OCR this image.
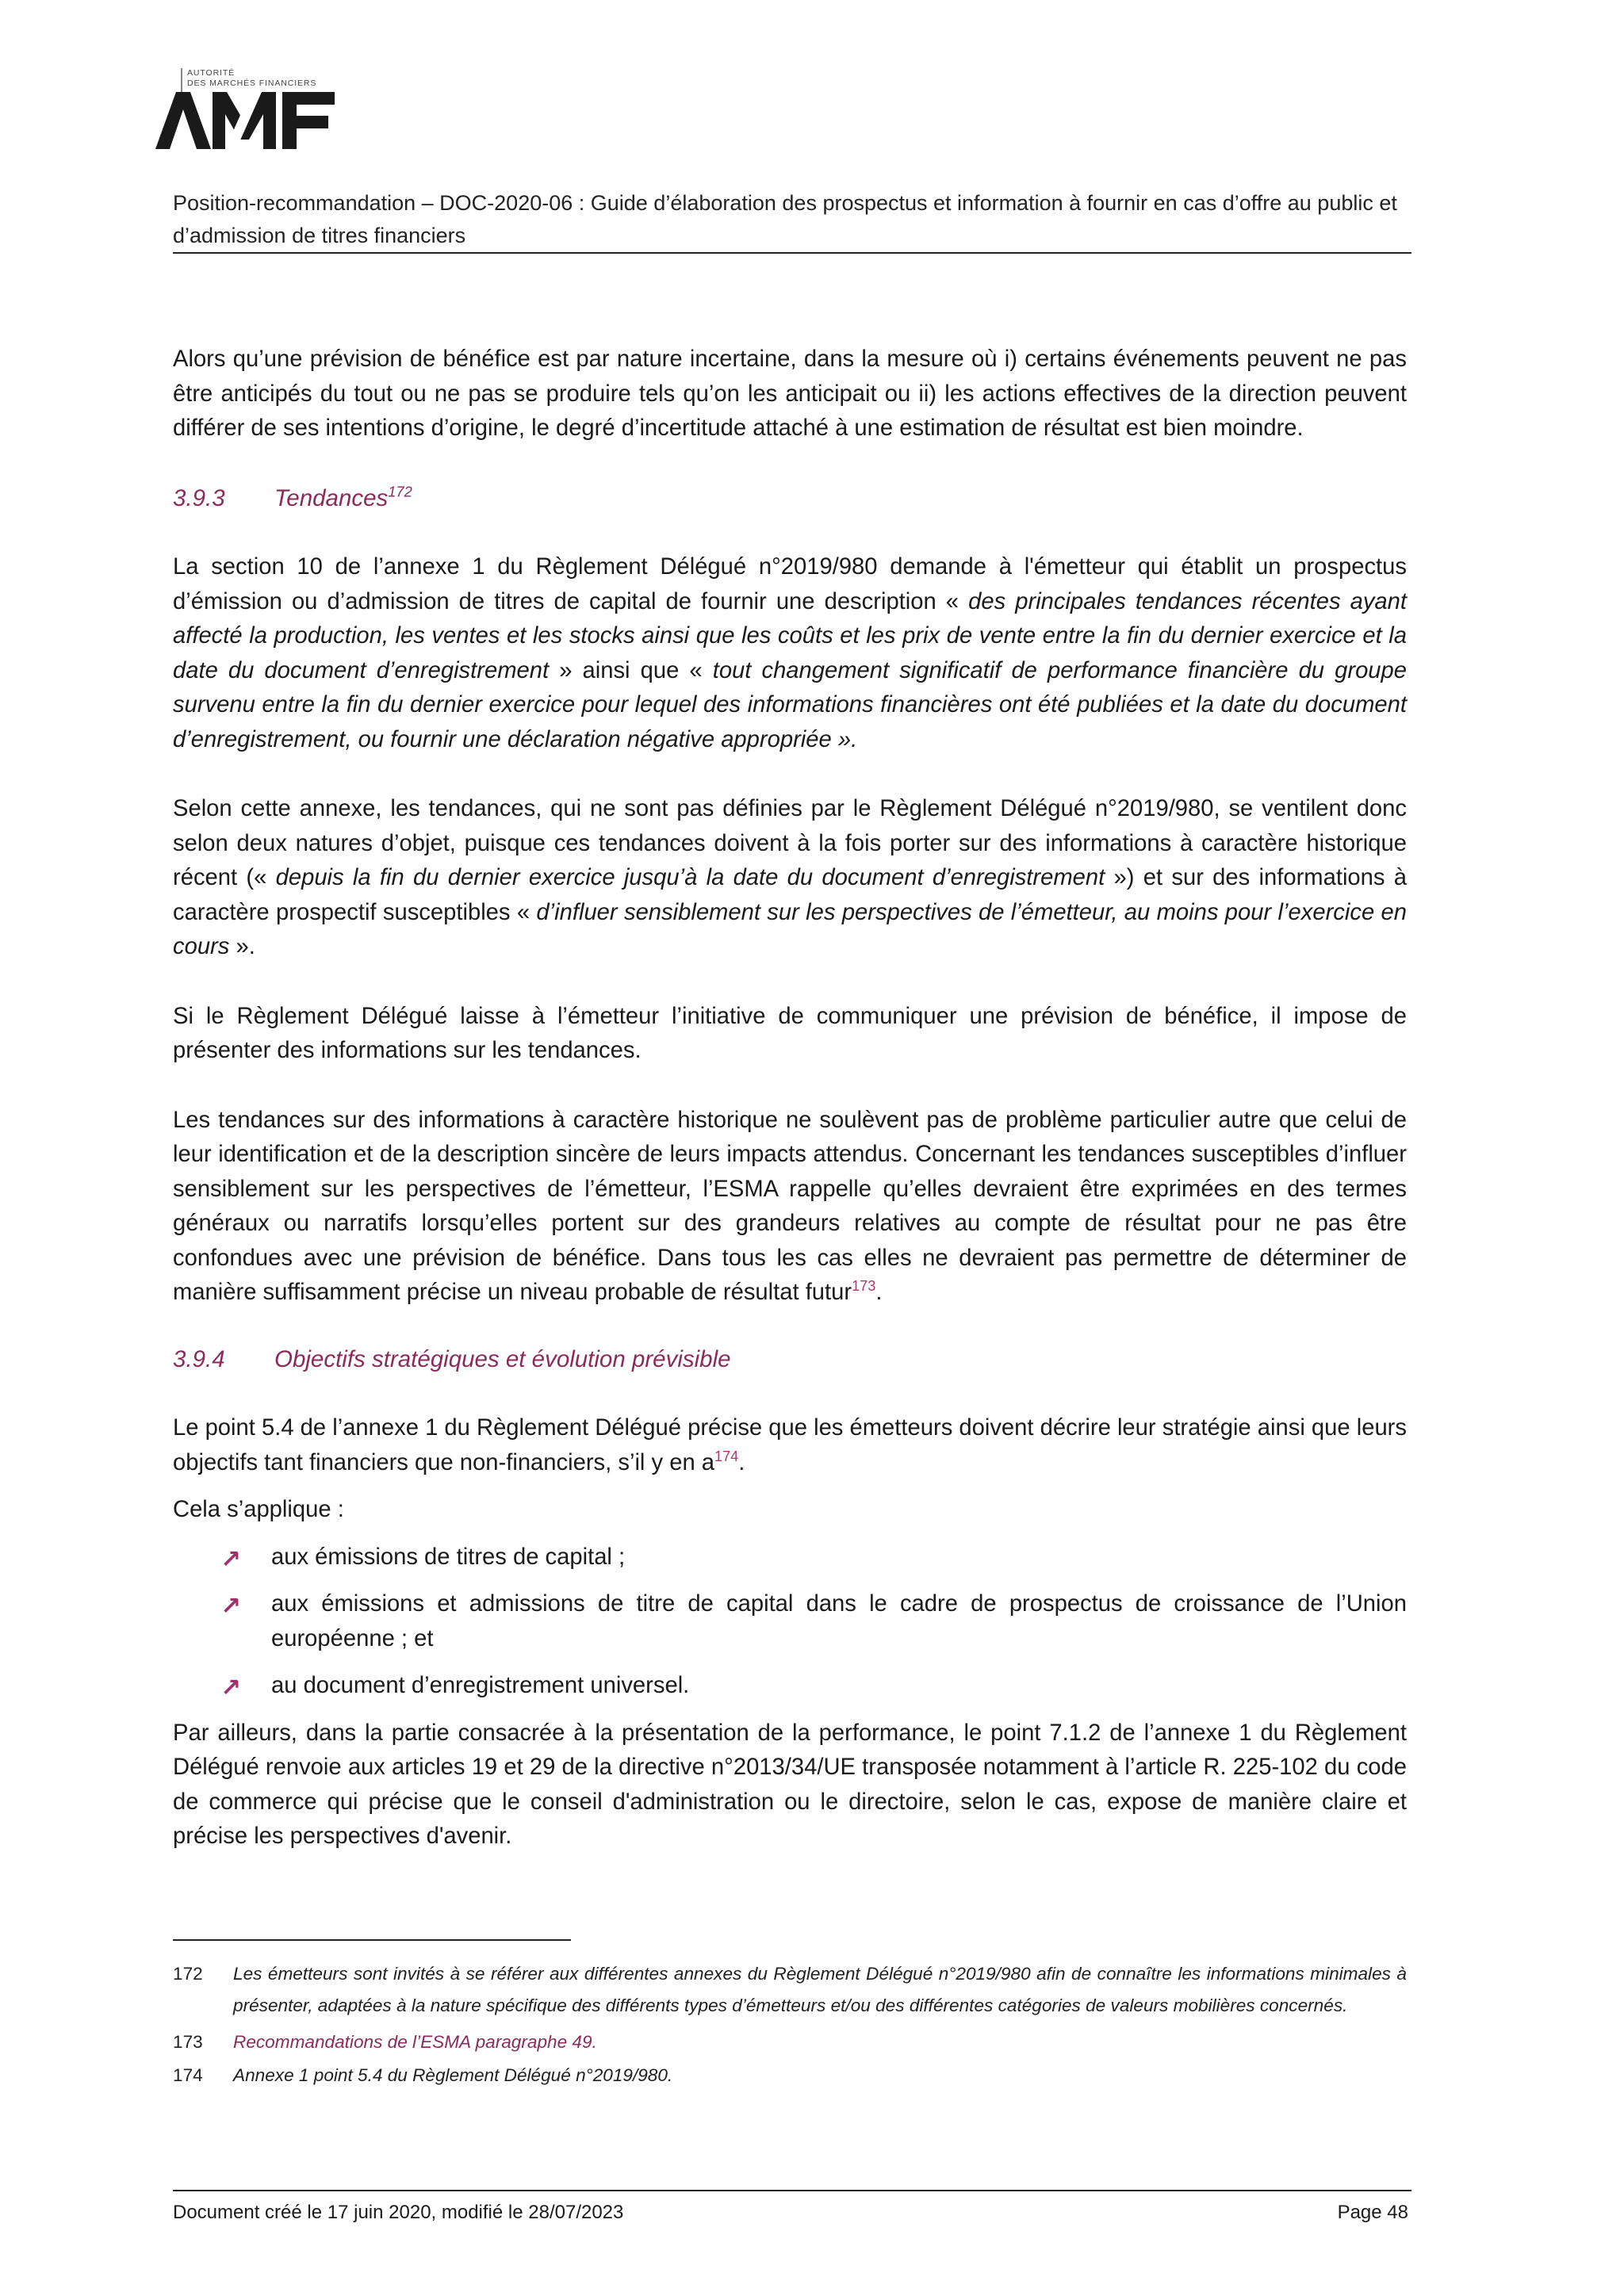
AUTORITÉ
DES MARCHÉS FINANCIERS
Position-recommandation – DOC-2020-06 : Guide d’élaboration des prospectus et information à fournir en cas d’offre au public et d’admission de titres financiers

Alors qu’une prévision de bénéfice est par nature incertaine, dans la mesure où i) certains événements peuvent ne pas être anticipés du tout ou ne pas se produire tels qu’on les anticipait ou ii) les actions effectives de la direction peuvent différer de ses intentions d’origine, le degré d’incertitude attaché à une estimation de résultat est bien moindre.

3.9.3 Tendances$^{172}$

La section 10 de l’annexe 1 du Règlement Délégué n°2019/980 demande à l'émetteur qui établit un prospectus d’émission ou d’admission de titres de capital de fournir une description « des principales tendances récentes ayant affecté la production, les ventes et les stocks ainsi que les coûts et les prix de vente entre la fin du dernier exercice et la date du document d’enregistrement » ainsi que « tout changement significatif de performance financière du groupe survenu entre la fin du dernier exercice pour lequel des informations financières ont été publiées et la date du document d’enregistrement, ou fournir une déclaration négative appropriée ».

Selon cette annexe, les tendances, qui ne sont pas définies par le Règlement Délégué n°2019/980, se ventilent donc selon deux natures d’objet, puisque ces tendances doivent à la fois porter sur des informations à caractère historique récent (« depuis la fin du dernier exercice jusqu’à la date du document d’enregistrement ») et sur des informations à caractère prospectif susceptibles « d’influer sensiblement sur les perspectives de l’émetteur, au moins pour l’exercice en cours ».

Si le Règlement Délégué laisse à l’émetteur l’initiative de communiquer une prévision de bénéfice, il impose de présenter des informations sur les tendances.

Les tendances sur des informations à caractère historique ne soulèvent pas de problème particulier autre que celui de leur identification et de la description sincère de leurs impacts attendus. Concernant les tendances susceptibles d’influer sensiblement sur les perspectives de l’émetteur, l’ESMA rappelle qu’elles devraient être exprimées en des termes généraux ou narratifs lorsqu’elles portent sur des grandeurs relatives au compte de résultat pour ne pas être confondues avec une prévision de bénéfice. Dans tous les cas elles ne devraient pas permettre de déterminer de manière suffisamment précise un niveau probable de résultat futur$^{173}$.

3.9.4 Objectifs stratégiques et évolution prévisible

Le point 5.4 de l’annexe 1 du Règlement Délégué précise que les émetteurs doivent décrire leur stratégie ainsi que leurs objectifs tant financiers que non-financiers, s’il y en a$^{174}$.

Cela s’applique :

↗ aux émissions de titres de capital ;
↗ aux émissions et admissions de titre de capital dans le cadre de prospectus de croissance de l’Union européenne ; et
↗ au document d’enregistrement universel.

Par ailleurs, dans la partie consacrée à la présentation de la performance, le point 7.1.2 de l’annexe 1 du Règlement Délégué renvoie aux articles 19 et 29 de la directive n°2013/34/UE transposée notamment à l’article R. 225-102 du code de commerce qui précise que le conseil d'administration ou le directoire, selon le cas, expose de manière claire et précise les perspectives d'avenir.

172 Les émetteurs sont invités à se référer aux différentes annexes du Règlement Délégué n°2019/980 afin de connaître les informations minimales à présenter, adaptées à la nature spécifique des différents types d’émetteurs et/ou des différentes catégories de valeurs mobilières concernés.
173 Recommandations de l’ESMA paragraphe 49.
174 Annexe 1 point 5.4 du Règlement Délégué n°2019/980.
Document créé le 17 juin 2020, modifié le 28/07/2023	Page 48
